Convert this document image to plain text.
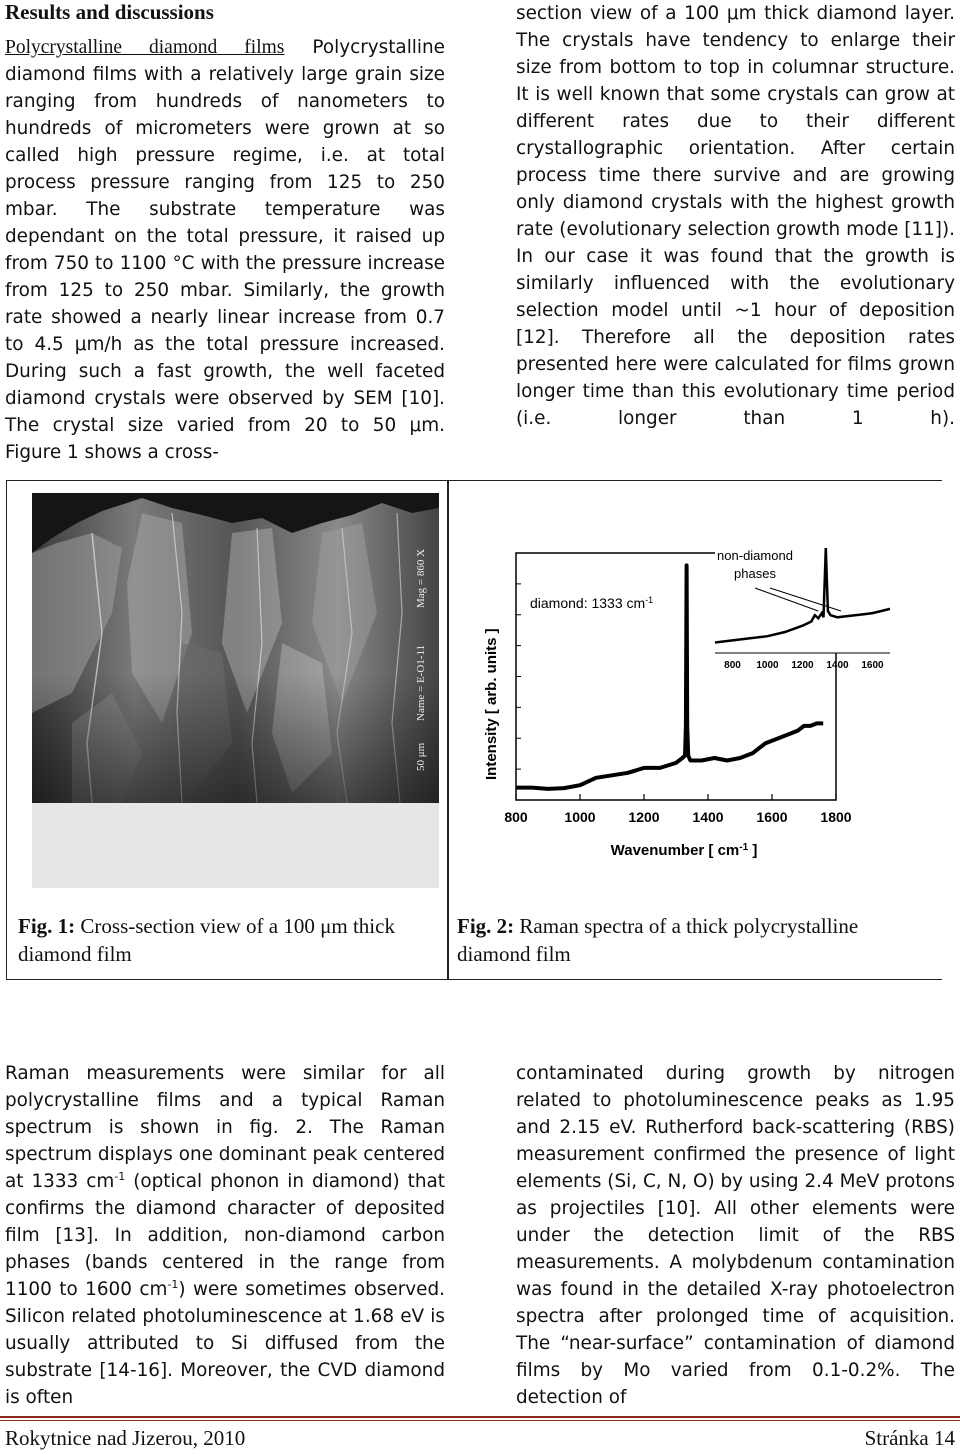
Results and discussions

Polycrystalline diamond films Polycrystalline diamond films with a relatively large grain size ranging from hundreds of nanometers to hundreds of micrometers were grown at so called high pressure regime, i.e. at total process pressure ranging from 125 to 250 mbar. The substrate temperature was dependant on the total pressure, it raised up from 750 to 1100 °C with the pressure increase from 125 to 250 mbar. Similarly, the growth rate showed a nearly linear increase from 0.7 to 4.5 μm/h as the total pressure increased. During such a fast growth, the well faceted diamond crystals were observed by SEM [10]. The crystal size varied from 20 to 50 μm. Figure 1 shows a cross-

section view of a 100 μm thick diamond layer. The crystals have tendency to enlarge their size from bottom to top in columnar structure. It is well known that some crystals can grow at different rates due to their different crystallographic orientation. After certain process time there survive and are growing only diamond crystals with the highest growth rate (evolutionary selection growth mode [11]). In our case it was found that the growth is similarly influenced with the evolutionary selection model until ~1 hour of deposition [12]. Therefore all the deposition rates presented here were calculated for films grown longer time than this evolutionary time period (i.e. longer than 1 h).

Mag = 860 X
Name = E-O1-11
50 μm
800	1000 1200 1400 1600 1800
Wavenumber [ $cm^{-1}$ ]
Intensity [ arb. units ]
diamond: 1333 $cm^{-1}$
800 1000 1200 1400 1600
non-diamond phases
Fig. 1: Cross-section view of a 100 μm thick diamond film
Fig. 2: Raman spectra of a thick polycrystalline diamond film

Raman measurements were similar for all polycrystalline films and a typical Raman spectrum is shown in fig. 2. The Raman spectrum displays one dominant peak centered at 1333 $cm^{-1}$ (optical phonon in diamond) that confirms the diamond character of deposited film [13]. In addition, non-diamond carbon phases (bands centered in the range from 1100 to 1600 $cm^{-1}$) were sometimes observed. Silicon related photoluminescence at 1.68 eV is usually attributed to Si diffused from the substrate [14-16]. Moreover, the CVD diamond is often

contaminated during growth by nitrogen related to photoluminescence peaks as 1.95 and 2.15 eV. Rutherford back-scattering (RBS) measurement confirmed the presence of light elements (Si, C, N, O) by using 2.4 MeV protons as projectiles [10]. All other elements were under the detection limit of the RBS measurements. A molybdenum contamination was found in the detailed X-ray photoelectron spectra after prolonged time of acquisition. The “near-surface” contamination of diamond films by Mo varied from 0.1-0.2%. The detection of

Rokytnice nad Jizerou, 2010	Stránka 14
